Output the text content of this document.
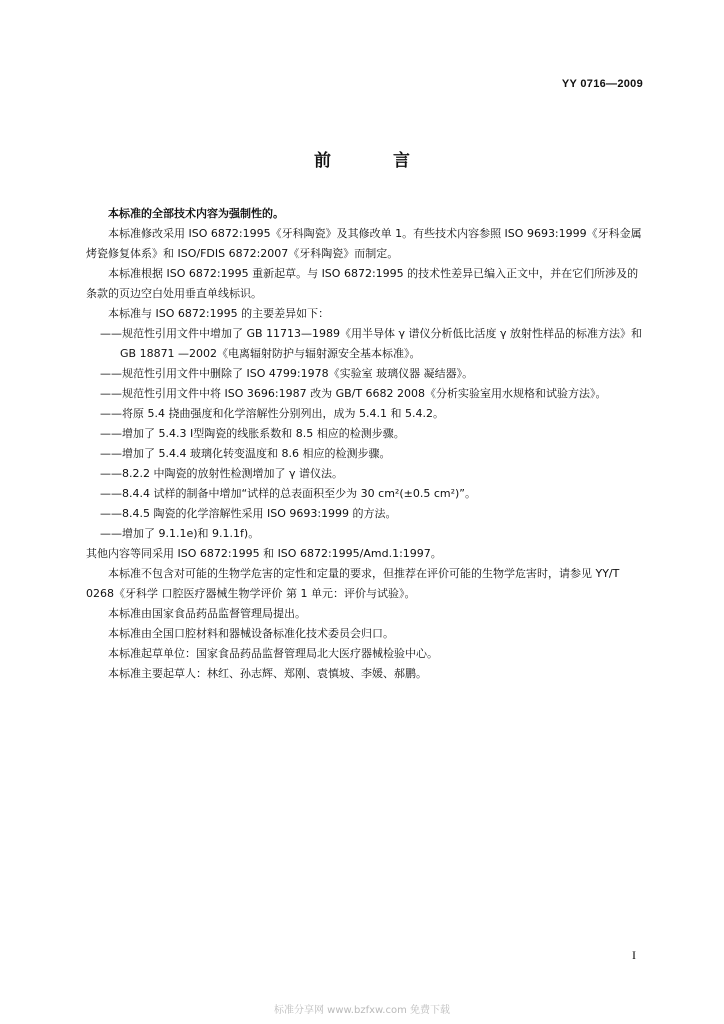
YY 0716—2009
前 言

本标准的全部技术内容为强制性的。

本标准修改采用 ISO 6872:1995《牙科陶瓷》及其修改单 1。有些技术内容参照 ISO 9693:1999《牙科金属烤瓷修复体系》和 ISO/FDIS 6872:2007《牙科陶瓷》而制定。

本标准根据 ISO 6872:1995 重新起草。与 ISO 6872:1995 的技术性差异已编入正文中，并在它们所涉及的条款的页边空白处用垂直单线标识。

本标准与 ISO 6872:1995 的主要差异如下：

——规范性引用文件中增加了 GB 11713—1989《用半导体 γ 谱仪分析低比活度 γ 放射性样品的标准方法》和 GB 18871 —2002《电离辐射防护与辐射源安全基本标准》。

——规范性引用文件中删除了 ISO 4799:1978《实验室 玻璃仪器 凝结器》。

——规范性引用文件中将 ISO 3696:1987 改为 GB/T 6682 2008《分析实验室用水规格和试验方法》。

——将原 5.4 挠曲强度和化学溶解性分别列出，成为 5.4.1 和 5.4.2。

——增加了 5.4.3 Ⅰ型陶瓷的线胀系数和 8.5 相应的检测步骤。

——增加了 5.4.4 玻璃化转变温度和 8.6 相应的检测步骤。

——8.2.2 中陶瓷的放射性检测增加了 γ 谱仪法。

——8.4.4 试样的制备中增加“试样的总表面积至少为 30 cm²(±0.5 cm²)”。

——8.4.5 陶瓷的化学溶解性采用 ISO 9693:1999 的方法。

——增加了 9.1.1e)和 9.1.1f)。

其他内容等同采用 ISO 6872:1995 和 ISO 6872:1995/Amd.1:1997。

本标准不包含对可能的生物学危害的定性和定量的要求，但推荐在评价可能的生物学危害时，请参见 YY/T 0268《牙科学 口腔医疗器械生物学评价 第 1 单元：评价与试验》。

本标准由国家食品药品监督管理局提出。

本标准由全国口腔材料和器械设备标准化技术委员会归口。

本标准起草单位：国家食品药品监督管理局北大医疗器械检验中心。

本标准主要起草人：林红、孙志辉、郑刚、袁慎坡、李媛、郝鹏。

I
标准分享网 www.bzfxw.com 免费下载
